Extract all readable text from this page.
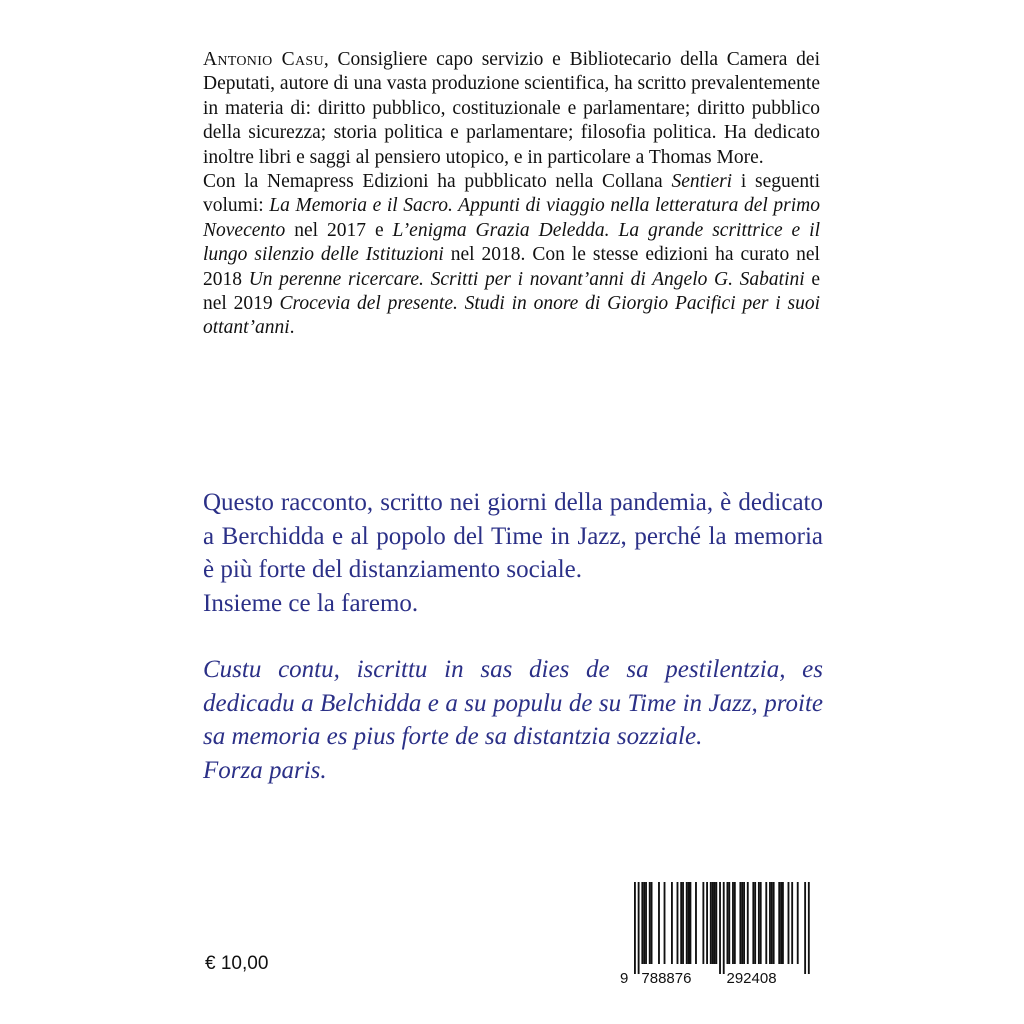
Antonio Casu, Consigliere capo servizio e Bibliotecario della Camera dei Deputati, autore di una vasta produzione scientifica, ha scritto prevalentemente in materia di: diritto pubblico, costituzionale e parlamentare; diritto pubblico della sicurezza; storia politica e parlamentare; filosofia politica. Ha dedicato inoltre libri e saggi al pensiero utopico, e in particolare a Thomas More.

Con la Nemapress Edizioni ha pubblicato nella Collana Sentieri i seguenti volumi: La Memoria e il Sacro. Appunti di viaggio nella letteratura del primo Novecento nel 2017 e L’enigma Grazia Deledda. La grande scrittrice e il lungo silenzio delle Istituzioni nel 2018. Con le stesse edizioni ha curato nel 2018 Un perenne ricercare. Scritti per i novant’anni di Angelo G. Sabatini e nel 2019 Crocevia del presente. Studi in onore di Giorgio Pacifici per i suoi ottant’anni.

Questo racconto, scritto nei giorni della pandemia, è dedicato a Berchidda e al popolo del Time in Jazz, perché la memoria è più forte del distanziamento sociale.

Insieme ce la faremo.

Custu contu, iscrittu in sas dies de sa pestilentzia, es dedicadu a Belchidda e a su populu de su Time in Jazz, proite sa memoria es pius forte de sa distantzia sozziale.

Forza paris.

€ 10,00
9 788876 292408
